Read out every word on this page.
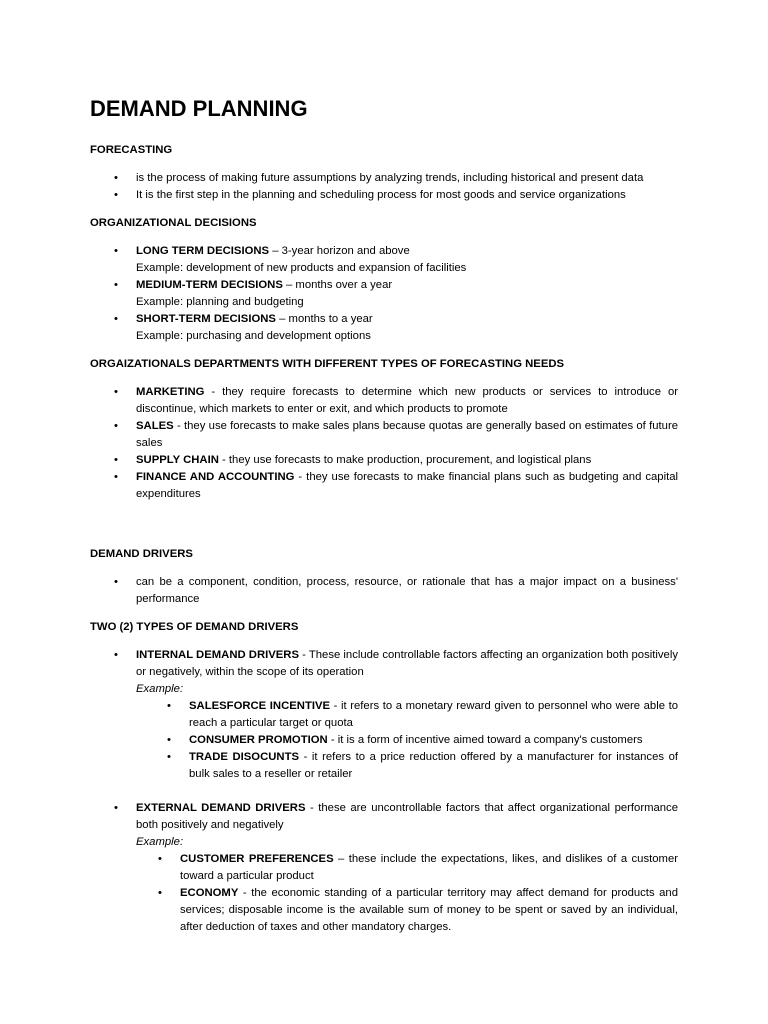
DEMAND PLANNING
FORECASTING
• is the process of making future assumptions by analyzing trends, including historical and present data
• It is the first step in the planning and scheduling process for most goods and service organizations
ORGANIZATIONAL DECISIONS
• LONG TERM DECISIONS – 3-year horizon and above
Example: development of new products and expansion of facilities
• MEDIUM-TERM DECISIONS – months over a year
Example: planning and budgeting
• SHORT-TERM DECISIONS – months to a year
Example: purchasing and development options
ORGAIZATIONALS DEPARTMENTS WITH DIFFERENT TYPES OF FORECASTING NEEDS
• MARKETING - they require forecasts to determine which new products or services to introduce or discontinue, which markets to enter or exit, and which products to promote
• SALES - they use forecasts to make sales plans because quotas are generally based on estimates of future sales
• SUPPLY CHAIN - they use forecasts to make production, procurement, and logistical plans
• FINANCE AND ACCOUNTING - they use forecasts to make financial plans such as budgeting and capital expenditures
DEMAND DRIVERS
• can be a component, condition, process, resource, or rationale that has a major impact on a business' performance
TWO (2) TYPES OF DEMAND DRIVERS
• INTERNAL DEMAND DRIVERS - These include controllable factors affecting an organization both positively or negatively, within the scope of its operation
Example:
• SALESFORCE INCENTIVE - it refers to a monetary reward given to personnel who were able to reach a particular target or quota
• CONSUMER PROMOTION - it is a form of incentive aimed toward a company's customers
• TRADE DISOCUNTS - it refers to a price reduction offered by a manufacturer for instances of bulk sales to a reseller or retailer
• EXTERNAL DEMAND DRIVERS - these are uncontrollable factors that affect organizational performance both positively and negatively
Example:
• CUSTOMER PREFERENCES – these include the expectations, likes, and dislikes of a customer toward a particular product
• ECONOMY - the economic standing of a particular territory may affect demand for products and services; disposable income is the available sum of money to be spent or saved by an individual, after deduction of taxes and other mandatory charges.
